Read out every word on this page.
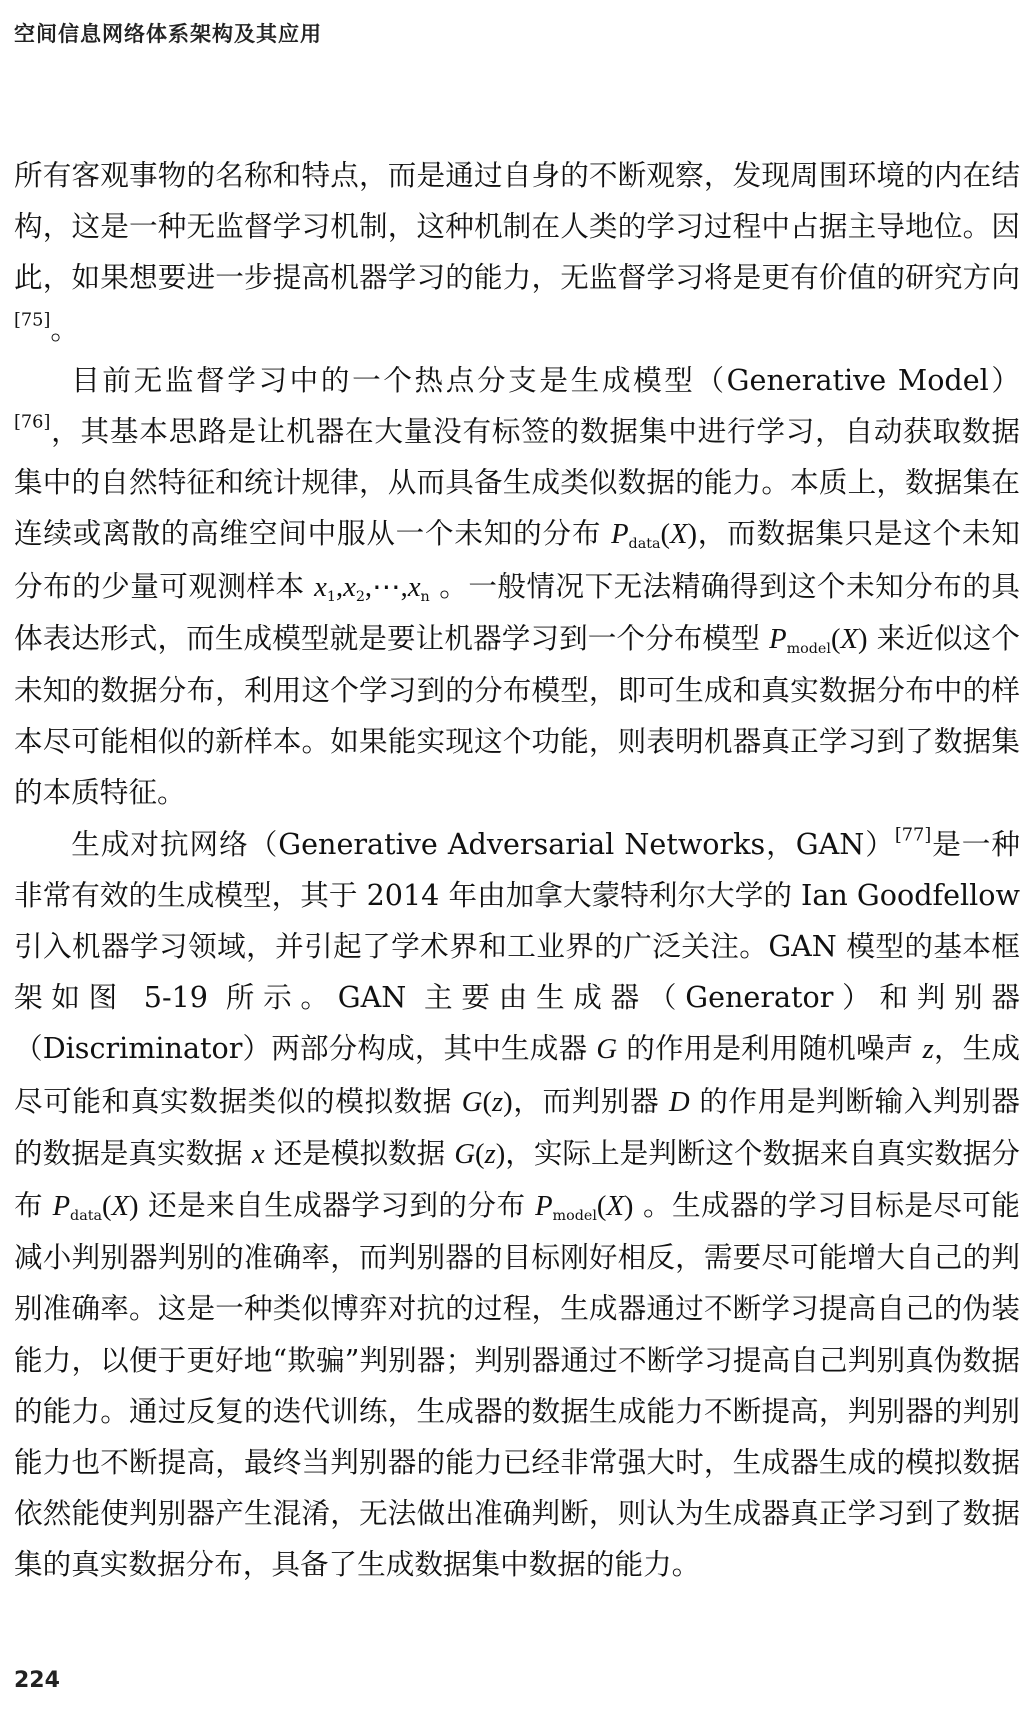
空间信息网络体系架构及其应用

所有客观事物的名称和特点，而是通过自身的不断观察，发现周围环境的内在结构，这是一种无监督学习机制，这种机制在人类的学习过程中占据主导地位。因此，如果想要进一步提高机器学习的能力，无监督学习将是更有价值的研究方向[75]。

目前无监督学习中的一个热点分支是生成模型（Generative Model）[76]，其基本思路是让机器在大量没有标签的数据集中进行学习，自动获取数据集中的自然特征和统计规律，从而具备生成类似数据的能力。本质上，数据集在连续或离散的高维空间中服从一个未知的分布 $P_{data}(X)$，而数据集只是这个未知分布的少量可观测样本 $x_1,x_2,\cdots,x_n$ 。一般情况下无法精确得到这个未知分布的具体表达形式，而生成模型就是要让机器学习到一个分布模型 $P_{model}(X)$ 来近似这个未知的数据分布，利用这个学习到的分布模型，即可生成和真实数据分布中的样本尽可能相似的新样本。如果能实现这个功能，则表明机器真正学习到了数据集的本质特征。

生成对抗网络（Generative Adversarial Networks，GAN）[77]是一种非常有效的生成模型，其于 2014 年由加拿大蒙特利尔大学的 Ian Goodfellow 引入机器学习领域，并引起了学术界和工业界的广泛关注。GAN 模型的基本框架如图 5-19 所示。GAN 主要由生成器（Generator）和判别器（Discriminator）两部分构成，其中生成器 G 的作用是利用随机噪声 z，生成尽可能和真实数据类似的模拟数据 G(z)，而判别器 D 的作用是判断输入判别器的数据是真实数据 x 还是模拟数据 G(z)，实际上是判断这个数据来自真实数据分布 $P_{data}(X)$ 还是来自生成器学习到的分布 $P_{model}(X)$ 。生成器的学习目标是尽可能减小判别器判别的准确率，而判别器的目标刚好相反，需要尽可能增大自己的判别准确率。这是一种类似博弈对抗的过程，生成器通过不断学习提高自己的伪装能力，以便于更好地“欺骗”判别器；判别器通过不断学习提高自己判别真伪数据的能力。通过反复的迭代训练，生成器的数据生成能力不断提高，判别器的判别能力也不断提高，最终当判别器的能力已经非常强大时，生成器生成的模拟数据依然能使判别器产生混淆，无法做出准确判断，则认为生成器真正学习到了数据集的真实数据分布，具备了生成数据集中数据的能力。

224
